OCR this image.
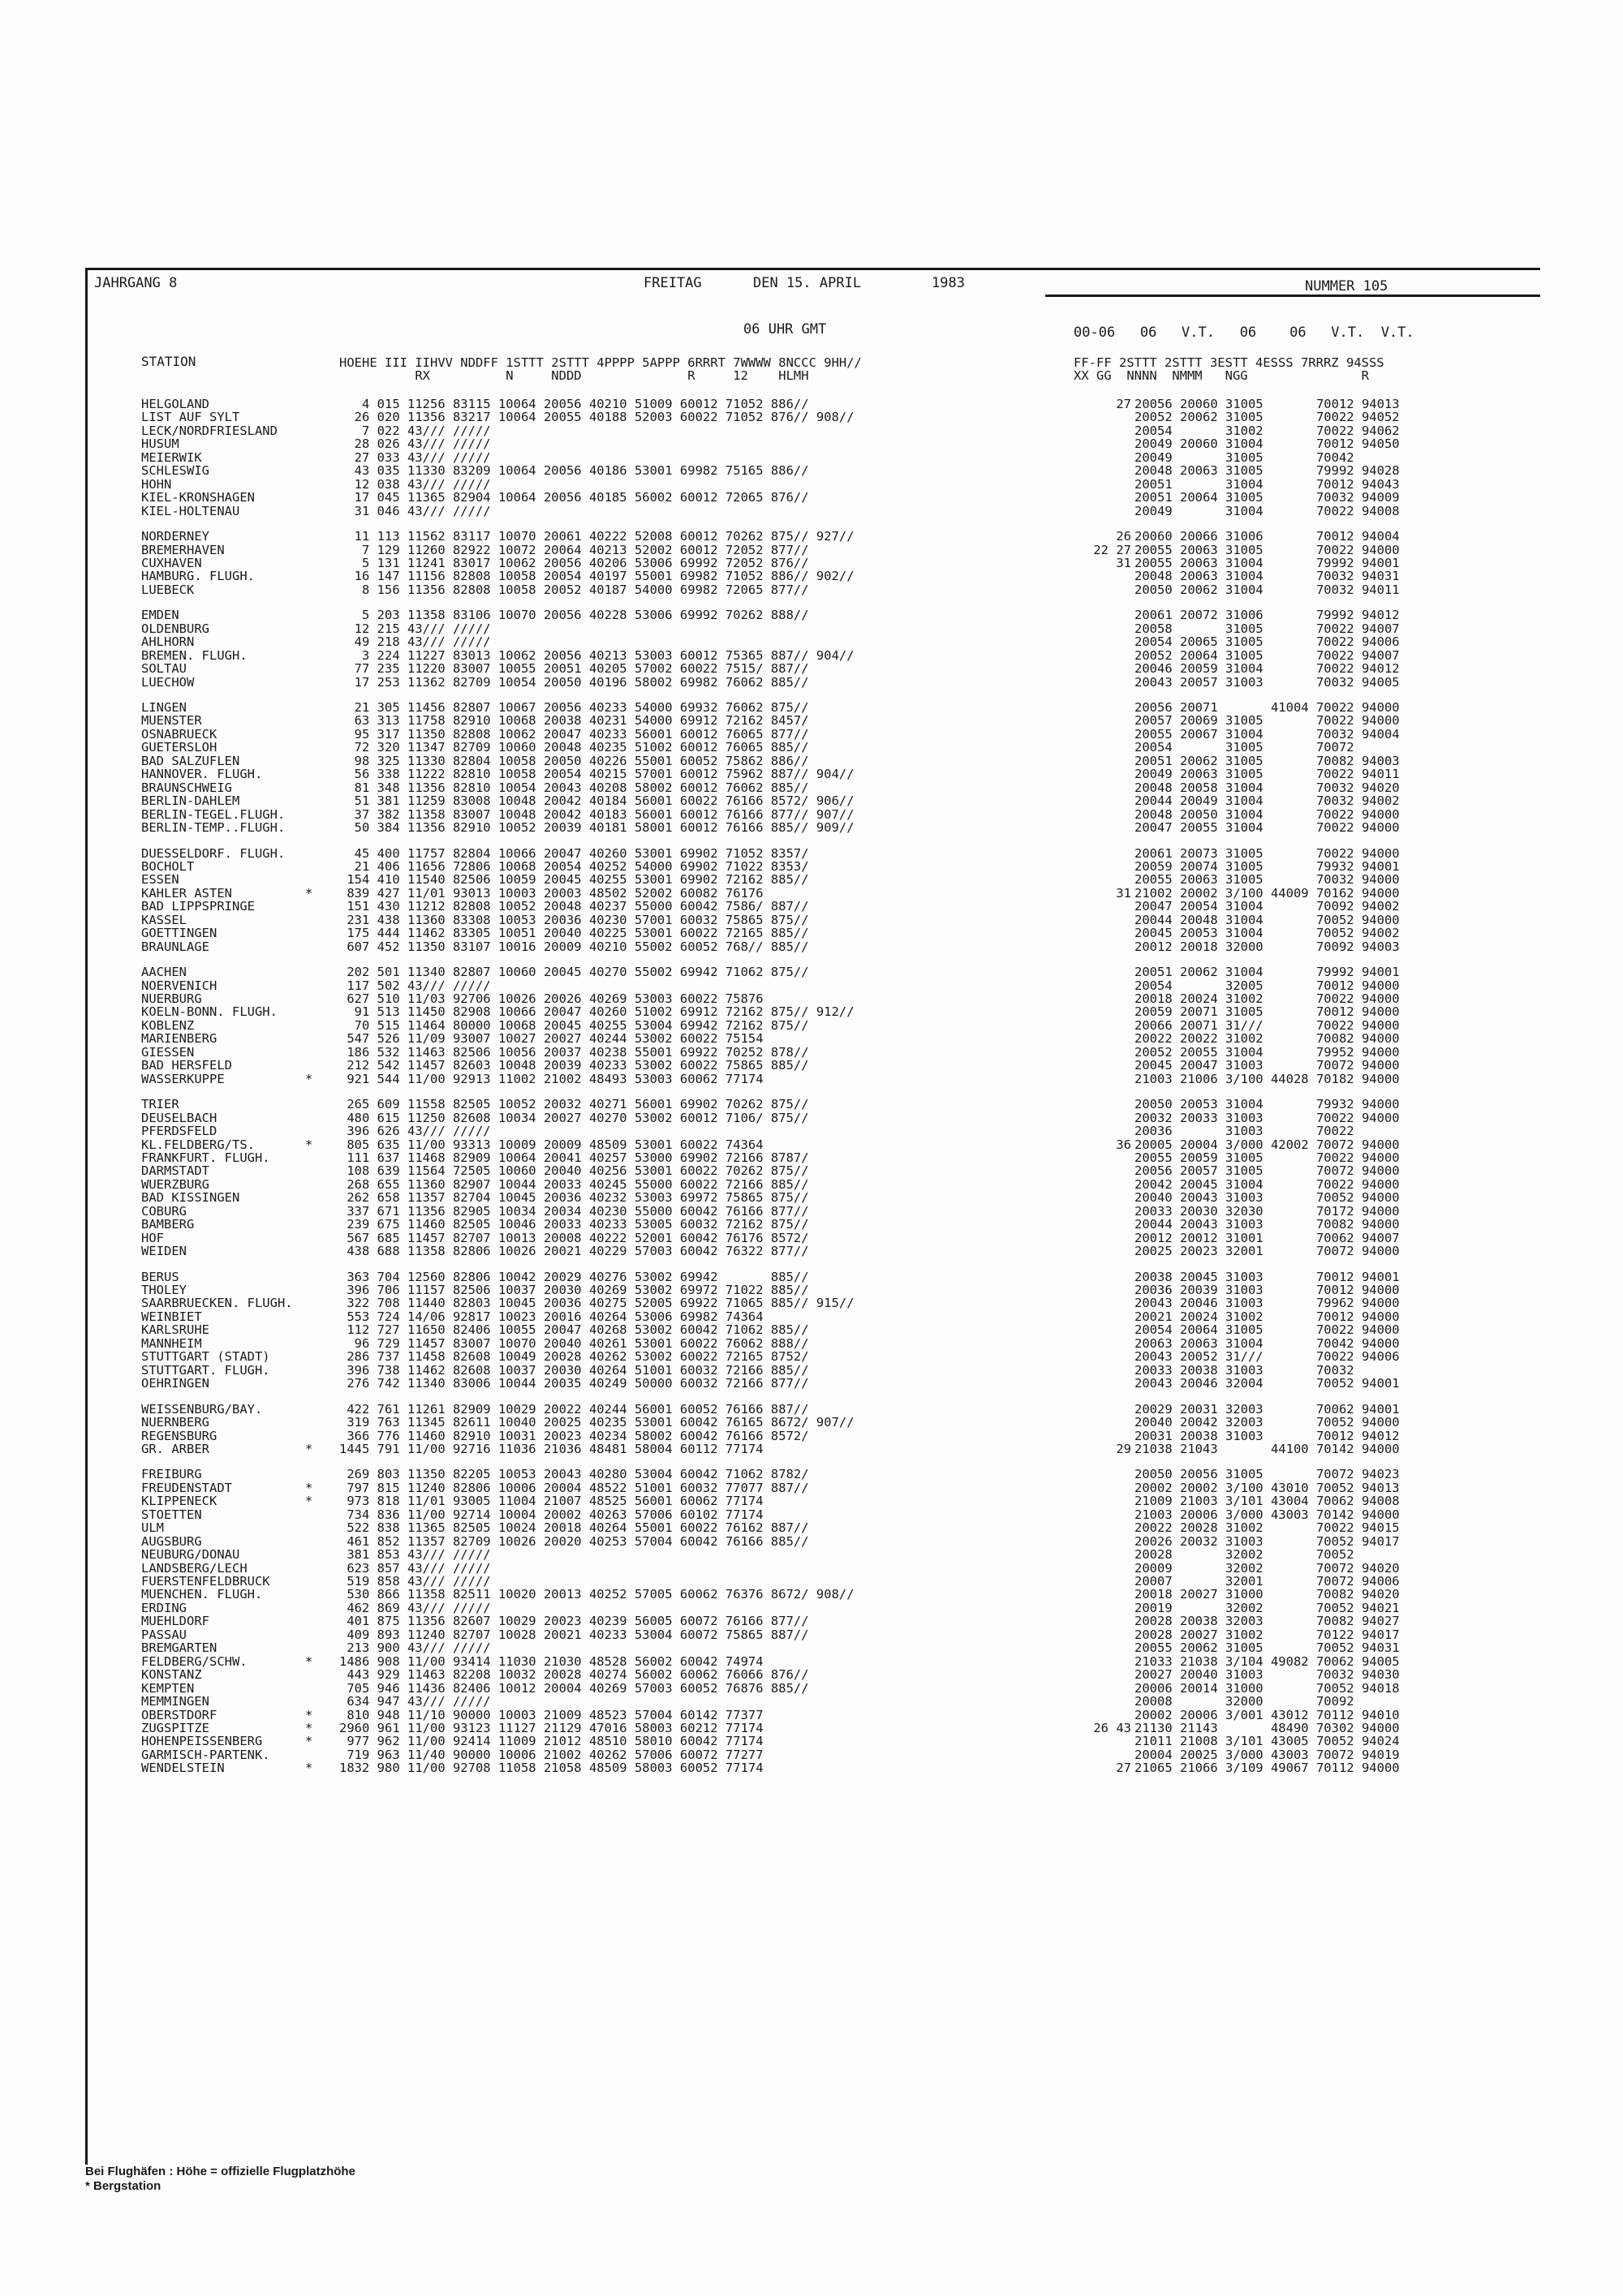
JAHRGANG 8	FREITAG	DEN 15. APRIL	1983	NUMMER 105
06 UHR GMT	00-06   06   V.T.   06    06   V.T.  V.T.
STATION	HOEHE III IIHVV NDDFF 1STTT 2STTT 4PPPP 5APPP 6RRRT 7WWWW 8NCCC 9HH//
RX          N     NDDD              R     12    HLMH
FF-FF 2STTT 2STTT 3ESTT 4ESSS 7RRRZ 94SSS
XX GG  NNNN  NMMM   NGG               R
HELGOLAND	4 015 11256 83115 10064 20056 40210 51009 60012 71052 886//	27 20056 20060 31005       70012 94013
LIST AUF SYLT	26 020 11356 83217 10064 20055 40188 52003 60022 71052 876// 908//	20052 20062 31005       70022 94052
LECK/NORDFRIESLAND	7 022 43/// /////	20054       31002       70022 94062
HUSUM	28 026 43/// /////	20049 20060 31004       70012 94050
MEIERWIK	27 033 43/// /////	20049       31005       70042
SCHLESWIG	43 035 11330 83209 10064 20056 40186 53001 69982 75165 886//	20048 20063 31005       79992 94028
HOHN	12 038 43/// /////	20051       31004       70012 94043
KIEL-KRONSHAGEN	17 045 11365 82904 10064 20056 40185 56002 60012 72065 876//	20051 20064 31005       70032 94009
KIEL-HOLTENAU	31 046 43/// /////	20049       31004       70022 94008
NORDERNEY	11 113 11562 83117 10070 20061 40222 52008 60012 70262 875// 927//	26 20060 20066 31006       70012 94004
BREMERHAVEN	7 129 11260 82922 10072 20064 40213 52002 60012 72052 877//	22 27 20055 20063 31005       70022 94000
CUXHAVEN	5 131 11241 83017 10062 20056 40206 53006 69992 72052 876//	31 20055 20063 31004       79992 94001
HAMBURG. FLUGH.	16 147 11156 82808 10058 20054 40197 55001 69982 71052 886// 902//	20048 20063 31004       70032 94031
LUEBECK	8 156 11356 82808 10058 20052 40187 54000 69982 72065 877//	20050 20062 31004       70032 94011
EMDEN	5 203 11358 83106 10070 20056 40228 53006 69992 70262 888//	20061 20072 31006       79992 94012
OLDENBURG	12 215 43/// /////	20058       31005       70022 94007
AHLHORN	49 218 43/// /////	20054 20065 31005       70022 94006
BREMEN. FLUGH.	3 224 11227 83013 10062 20056 40213 53003 60012 75365 887// 904//	20052 20064 31005       70022 94007
SOLTAU	77 235 11220 83007 10055 20051 40205 57002 60022 7515/ 887//	20046 20059 31004       70022 94012
LUECHOW	17 253 11362 82709 10054 20050 40196 58002 69982 76062 885//	20043 20057 31003       70032 94005
LINGEN	21 305 11456 82807 10067 20056 40233 54000 69932 76062 875//	20056 20071       41004 70022 94000
MUENSTER	63 313 11758 82910 10068 20038 40231 54000 69912 72162 8457/	20057 20069 31005       70022 94000
OSNABRUECK	95 317 11350 82808 10062 20047 40233 56001 60012 76065 877//	20055 20067 31004       70032 94004
GUETERSLOH	72 320 11347 82709 10060 20048 40235 51002 60012 76065 885//	20054       31005       70072
BAD SALZUFLEN	98 325 11330 82804 10058 20050 40226 55001 60052 75862 886//	20051 20062 31005       70082 94003
HANNOVER. FLUGH.	56 338 11222 82810 10058 20054 40215 57001 60012 75962 887// 904//	20049 20063 31005       70022 94011
BRAUNSCHWEIG	81 348 11356 82810 10054 20043 40208 58002 60012 76062 885//	20048 20058 31004       70032 94020
BERLIN-DAHLEM	51 381 11259 83008 10048 20042 40184 56001 60022 76166 8572/ 906//	20044 20049 31004       70032 94002
BERLIN-TEGEL.FLUGH.	37 382 11358 83007 10048 20042 40183 56001 60012 76166 877// 907//	20048 20050 31004       70022 94000
BERLIN-TEMP..FLUGH.	50 384 11356 82910 10052 20039 40181 58001 60012 76166 885// 909//	20047 20055 31004       70022 94000
DUESSELDORF. FLUGH.	45 400 11757 82804 10066 20047 40260 53001 69902 71052 8357/	20061 20073 31005       70022 94000
BOCHOLT	21 406 11656 72806 10068 20054 40252 54000 69902 71022 8353/	20059 20074 31005       79932 94001
ESSEN	154 410 11540 82506 10059 20045 40255 53001 69902 72162 885//	20055 20063 31005       70032 94000
KAHLER ASTEN	* 839 427 11/01 93013 10003 20003 48502 52002 60082 76176	31 21002 20002 3/100 44009 70162 94000
BAD LIPPSPRINGE	151 430 11212 82808 10052 20048 40237 55000 60042 7586/ 887//	20047 20054 31004       70092 94002
KASSEL	231 438 11360 83308 10053 20036 40230 57001 60032 75865 875//	20044 20048 31004       70052 94000
GOETTINGEN	175 444 11462 83305 10051 20040 40225 53001 60022 72165 885//	20045 20053 31004       70052 94002
BRAUNLAGE	607 452 11350 83107 10016 20009 40210 55002 60052 768// 885//	20012 20018 32000       70092 94003
AACHEN	202 501 11340 82807 10060 20045 40270 55002 69942 71062 875//	20051 20062 31004       79992 94001
NOERVENICH	117 502 43/// /////	20054       32005       70012 94000
NUERBURG	627 510 11/03 92706 10026 20026 40269 53003 60022 75876	20018 20024 31002       70022 94000
KOELN-BONN. FLUGH.	91 513 11450 82908 10066 20047 40260 51002 69912 72162 875// 912//	20059 20071 31005       70012 94000
KOBLENZ	70 515 11464 80000 10068 20045 40255 53004 69942 72162 875//	20066 20071 31///       70022 94000
MARIENBERG	547 526 11/09 93007 10027 20027 40244 53002 60022 75154	20022 20022 31002       70082 94000
GIESSEN	186 532 11463 82506 10056 20037 40238 55001 69922 70252 878//	20052 20055 31004       79952 94000
BAD HERSFELD	212 542 11457 82603 10048 20039 40233 53002 60022 75865 885//	20045 20047 31003       70072 94000
WASSERKUPPE	* 921 544 11/00 92913 11002 21002 48493 53003 60062 77174	21003 21006 3/100 44028 70182 94000
TRIER	265 609 11558 82505 10052 20032 40271 56001 69902 70262 875//	20050 20053 31004       79932 94000
DEUSELBACH	480 615 11250 82608 10034 20027 40270 53002 60012 7106/ 875//	20032 20033 31003       70022 94000
PFERDSFELD	396 626 43/// /////	20036       31003       70022
KL.FELDBERG/TS.	* 805 635 11/00 93313 10009 20009 48509 53001 60022 74364	36 20005 20004 3/000 42002 70072 94000
FRANKFURT. FLUGH.	111 637 11468 82909 10064 20041 40257 53000 69902 72166 8787/	20055 20059 31005       70022 94000
DARMSTADT	108 639 11564 72505 10060 20040 40256 53001 60022 70262 875//	20056 20057 31005       70072 94000
WUERZBURG	268 655 11360 82907 10044 20033 40245 55000 60022 72166 885//	20042 20045 31004       70022 94000
BAD KISSINGEN	262 658 11357 82704 10045 20036 40232 53003 69972 75865 875//	20040 20043 31003       70052 94000
COBURG	337 671 11356 82905 10034 20034 40230 55000 60042 76166 877//	20033 20030 32030       70172 94000
BAMBERG	239 675 11460 82505 10046 20033 40233 53005 60032 72162 875//	20044 20043 31003       70082 94000
HOF	567 685 11457 82707 10013 20008 40222 52001 60042 76176 8572/	20012 20012 31001       70062 94007
WEIDEN	438 688 11358 82806 10026 20021 40229 57003 60042 76322 877//	20025 20023 32001       70072 94000
BERUS	363 704 12560 82806 10042 20029 40276 53002 69942       885//	20038 20045 31003       70012 94001
THOLEY	396 706 11157 82506 10037 20030 40269 53002 69972 71022 885//	20036 20039 31003       70012 94000
SAARBRUECKEN. FLUGH.	322 708 11440 82803 10045 20036 40275 52005 69922 71065 885// 915//	20043 20046 31003       79962 94000
WEINBIET	553 724 14/06 92817 10023 20016 40264 53006 69982 74364	20021 20024 31002       70012 94000
KARLSRUHE	112 727 11650 82406 10055 20047 40268 53002 60042 71062 885//	20054 20064 31005       70022 94000
MANNHEIM	96 729 11457 83007 10070 20040 40261 53001 60022 76062 888//	20063 20063 31004       70042 94000
STUTTGART (STADT)	286 737 11458 82608 10049 20028 40262 53002 60022 72165 8752/	20043 20052 31///       70022 94006
STUTTGART. FLUGH.	396 738 11462 82608 10037 20030 40264 51001 60032 72166 885//	20033 20038 31003       70032
OEHRINGEN	276 742 11340 83006 10044 20035 40249 50000 60032 72166 877//	20043 20046 32004       70052 94001
WEISSENBURG/BAY.	422 761 11261 82909 10029 20022 40244 56001 60052 76166 887//	20029 20031 32003       70062 94001
NUERNBERG	319 763 11345 82611 10040 20025 40235 53001 60042 76165 8672/ 907//	20040 20042 32003       70052 94000
REGENSBURG	366 776 11460 82910 10031 20023 40234 58002 60042 76166 8572/	20031 20038 31003       70012 94012
GR. ARBER	* 1445 791 11/00 92716 11036 21036 48481 58004 60112 77174	29 21038 21043       44100 70142 94000
FREIBURG	269 803 11350 82205 10053 20043 40280 53004 60042 71062 8782/	20050 20056 31005       70072 94023
FREUDENSTADT	* 797 815 11240 82806 10006 20004 48522 51001 60032 77077 887//	20002 20002 3/100 43010 70052 94013
KLIPPENECK	* 973 818 11/01 93005 11004 21007 48525 56001 60062 77174	21009 21003 3/101 43004 70062 94008
STOETTEN	734 836 11/00 92714 10004 20002 40263 57006 60102 77174	21003 20006 3/000 43003 70142 94000
ULM	522 838 11365 82505 10024 20018 40264 55001 60022 76162 887//	20022 20028 31002       70022 94015
AUGSBURG	461 852 11357 82709 10026 20020 40253 57004 60042 76166 885//	20026 20032 31003       70052 94017
NEUBURG/DONAU	381 853 43/// /////	20028       32002       70052
LANDSBERG/LECH	623 857 43/// /////	20009       32002       70072 94020
FUERSTENFELDBRUCK	519 858 43/// /////	20007       32001       70072 94006
MUENCHEN. FLUGH.	530 866 11358 82511 10020 20013 40252 57005 60062 76376 8672/ 908//	20018 20027 31000       70082 94020
ERDING	462 869 43/// /////	20019       32002       70052 94021
MUEHLDORF	401 875 11356 82607 10029 20023 40239 56005 60072 76166 877//	20028 20038 32003       70082 94027
PASSAU	409 893 11240 82707 10028 20021 40233 53004 60072 75865 887//	20028 20027 31002       70122 94017
BREMGARTEN	213 900 43/// /////	20055 20062 31005       70052 94031
FELDBERG/SCHW.	* 1486 908 11/00 93414 11030 21030 48528 56002 60042 74974	21033 21038 3/104 49082 70062 94005
KONSTANZ	443 929 11463 82208 10032 20028 40274 56002 60062 76066 876//	20027 20040 31003       70032 94030
KEMPTEN	705 946 11436 82406 10012 20004 40269 57003 60052 76876 885//	20006 20014 31000       70052 94018
MEMMINGEN	634 947 43/// /////	20008       32000       70092
OBERSTDORF	* 810 948 11/10 90000 10003 21009 48523 57004 60142 77377	20002 20006 3/001 43012 70112 94010
ZUGSPITZE	* 2960 961 11/00 93123 11127 21129 47016 58003 60212 77174	26 43 21130 21143       48490 70302 94000
HOHENPEISSENBERG	* 977 962 11/00 92414 11009 21012 48510 58010 60042 77174	21011 21008 3/101 43005 70052 94024
GARMISCH-PARTENK.	719 963 11/40 90000 10006 21002 40262 57006 60072 77277	20004 20025 3/000 43003 70072 94019
WENDELSTEIN	* 1832 980 11/00 92708 11058 21058 48509 58003 60052 77174	27 21065 21066 3/109 49067 70112 94000
Bei Flughäfen : Höhe = offizielle Flugplatzhöhe
* Bergstation
